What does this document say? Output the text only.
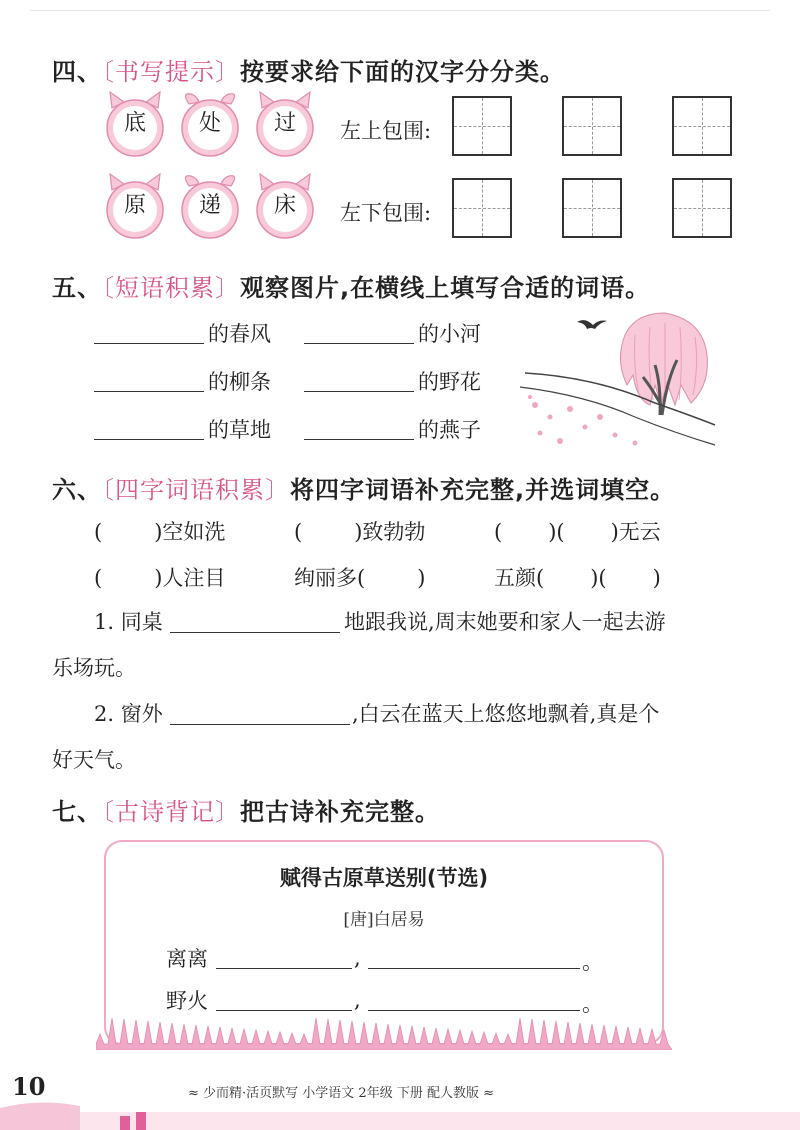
四、〔书写提示〕按要求给下面的汉字分分类。
底	处	过
原	递	床
左上包围:
左下包围:
五、〔短语积累〕观察图片,在横线上填写合适的词语。
的春风	的小河
的柳条	的野花
的草地	的燕子
六、〔四字词语积累〕将四字词语补充完整,并选词填空。
( )空如洗	( )致勃勃	( )( )无云
( )人注目	绚丽多( )	五颜( )( )
1. 同桌	地跟我说,周末她要和家人一起去游
乐场玩。
2. 窗外	,白云在蓝天上悠悠地飘着,真是个
好天气。
七、〔古诗背记〕把古诗补充完整。
赋得古原草送别(节选)
[唐]白居易
离离	,	。
野火	,	。
10	≈ 少而精·活页默写 小学语文 2年级 下册 配人教版 ≈
